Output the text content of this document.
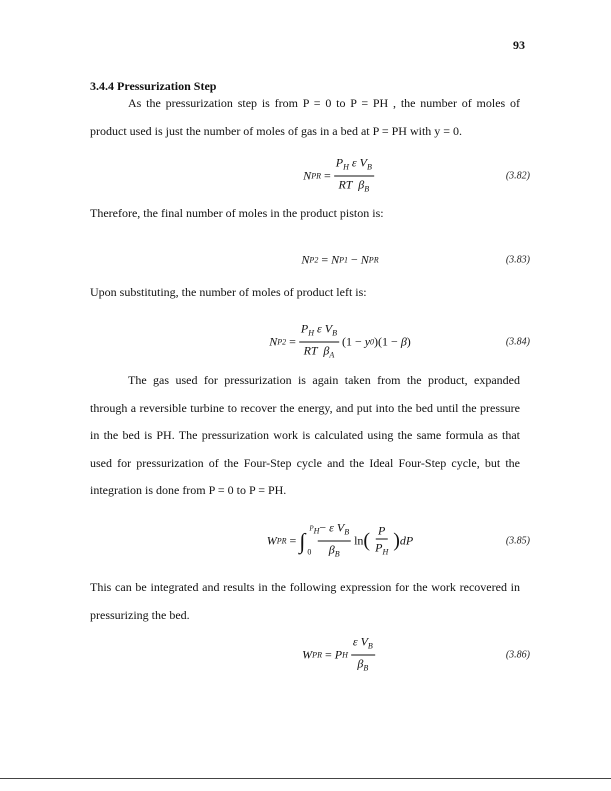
93
3.4.4 Pressurization Step

As the pressurization step is from P = 0 to P = PH , the number of moles of product used is just the number of moles of gas in a bed at P = PH with y = 0.

N PR
= $\frac{P_H \varepsilon V_B}{RT \beta_B}$	(3.82)

Therefore, the final number of moles in the product piston is:

N P2
= N P1
− N PR	(3.83)

Upon substituting, the number of moles of product left is:

N P2
= $\frac{P_H \varepsilon V_B}{RT \beta_A} (1 - y$ 0 )(1 − β )	(3.84)

The gas used for pressurization is again taken from the product, expanded through a reversible turbine to recover the energy, and put into the bed until the pressure in the bed is PH. The pressurization work is calculated using the same formula as that used for pressurization of the Four-Step cycle and the Ideal Four-Step cycle, but the integration is done from P = 0 to P = PH.

W PR
=
∫ $P_H$
0
$\frac{- \varepsilon V_B}{\beta_B}$ ln ( $\frac{P}{P_H}$ ) dP	(3.85)

This can be integrated and results in the following expression for the work recovered in pressurizing the bed.

W PR
= P H $\frac{\varepsilon V_B}{\beta_B}$	(3.86)
